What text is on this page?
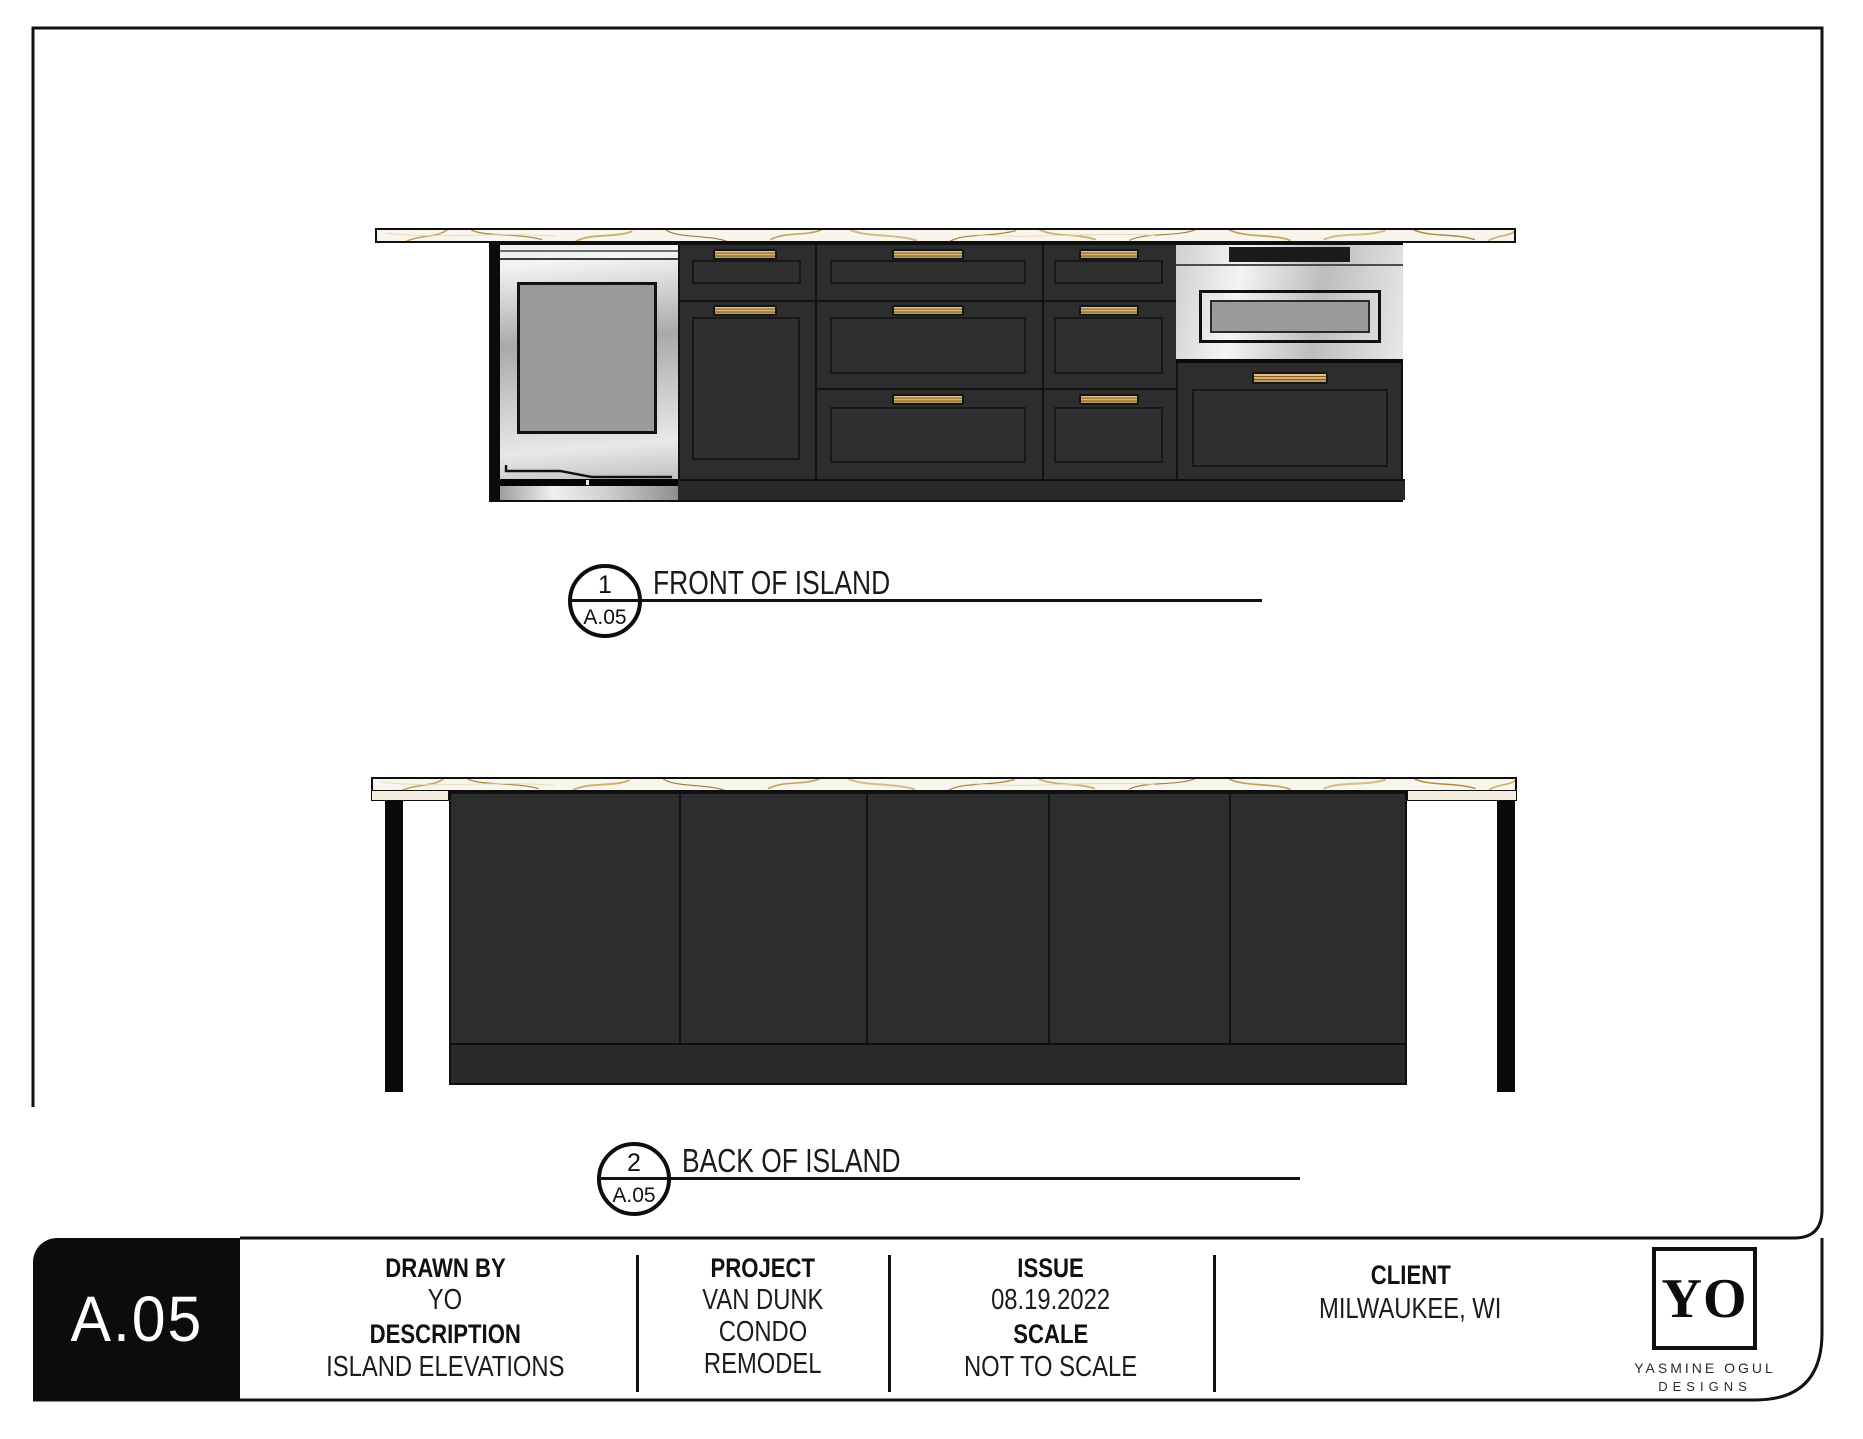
1
A.05
FRONT OF ISLAND
2
A.05
BACK OF ISLAND
A.05
DRAWN BY
YO
DESCRIPTION
ISLAND ELEVATIONS
PROJECT
VAN DUNK
CONDO
REMODEL
ISSUE
08.19.2022
SCALE
NOT TO SCALE
CLIENT
MILWAUKEE, WI	YO
YASMINE OGUL
DESIGNS
